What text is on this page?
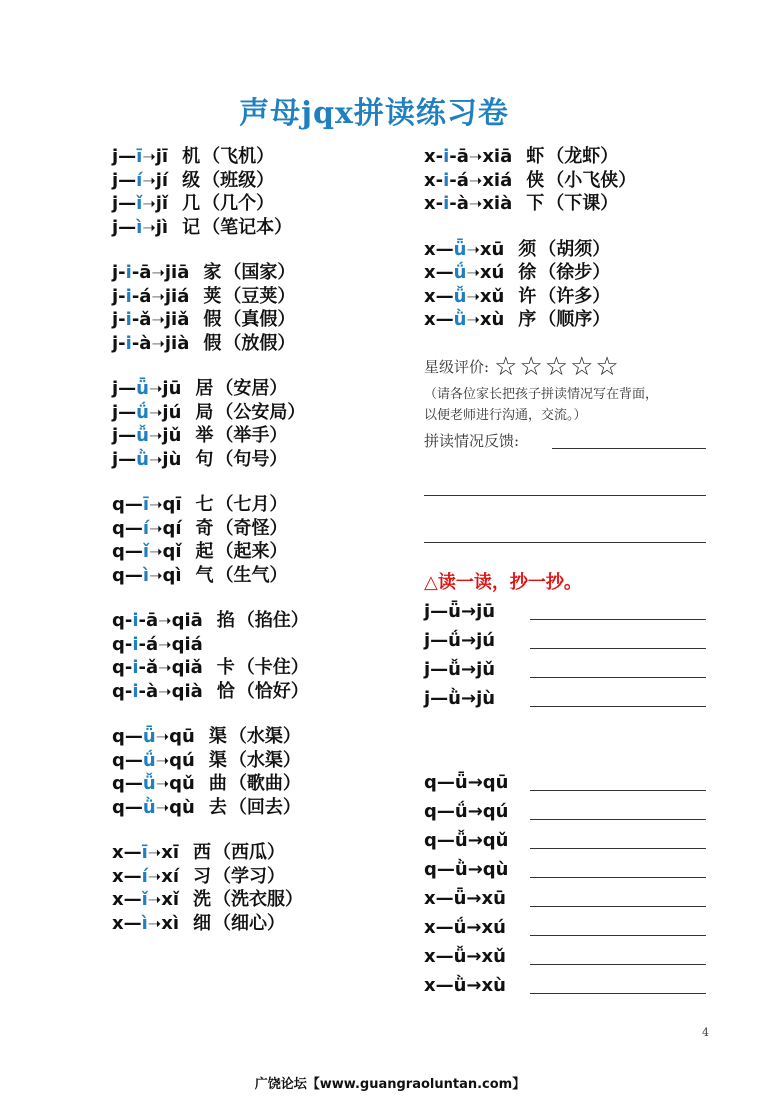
声母jqx拼读练习卷
j—ī➝jī 机 （飞机）
j—í➝jí 级 （班级）
j—ǐ➝jǐ 几 （几个）
j—ì➝jì 记 （笔记本）
j-i-ā➝jiā 家 （国家）
j-i-á➝jiá 荚 （豆荚）
j-i-ǎ➝jiǎ 假 （真假）
j-i-à➝jià 假 （放假）
j—ǖ➝jū 居 （安居）
j—ǘ➝jú 局 （公安局）
j—ǚ➝jǔ 举 （举手）
j—ǜ➝jù 句 （句号）
q—ī➝qī 七 （七月）
q—í➝qí 奇 （奇怪）
q—ǐ➝qǐ 起 （起来）
q—ì➝qì 气 （生气）
q-i-ā➝qiā 掐 （掐住）
q-i-á➝qiá
q-i-ǎ➝qiǎ 卡 （卡住）
q-i-à➝qià 恰 （恰好）
q—ǖ➝qū 渠 （水渠）
q—ǘ➝qú 渠 （水渠）
q—ǚ➝qǔ 曲 （歌曲）
q—ǜ➝qù 去 （回去）
x—ī➝xī 西 （西瓜）
x—í➝xí 习 （学习）
x—ǐ➝xǐ 洗 （洗衣服）
x—ì➝xì 细 （细心）
x-i-ā➝xiā 虾 （龙虾）
x-i-á➝xiá 侠 （小飞侠）
x-i-à➝xià 下 （下课）
x—ǖ➝xū 须 （胡须）
x—ǘ➝xú 徐 （徐步）
x—ǚ➝xǔ 许 （许多）
x—ǜ➝xù 序 （顺序）
星级评价: ☆☆☆☆☆
（请各位家长把孩子拼读情况写在背面，
以便老师进行沟通，交流。）
拼读情况反馈:
△读一读，抄一抄。
j—ǖ→jū
j—ǘ→jú
j—ǚ→jǔ
j—ǜ→jù
q—ǖ→qū
q—ǘ→qú
q—ǚ→qǔ
q—ǜ→qù
x—ǖ→xū
x—ǘ→xú
x—ǚ→xǔ
x—ǜ→xù
4
广饶论坛【www.guangraoluntan.com】
